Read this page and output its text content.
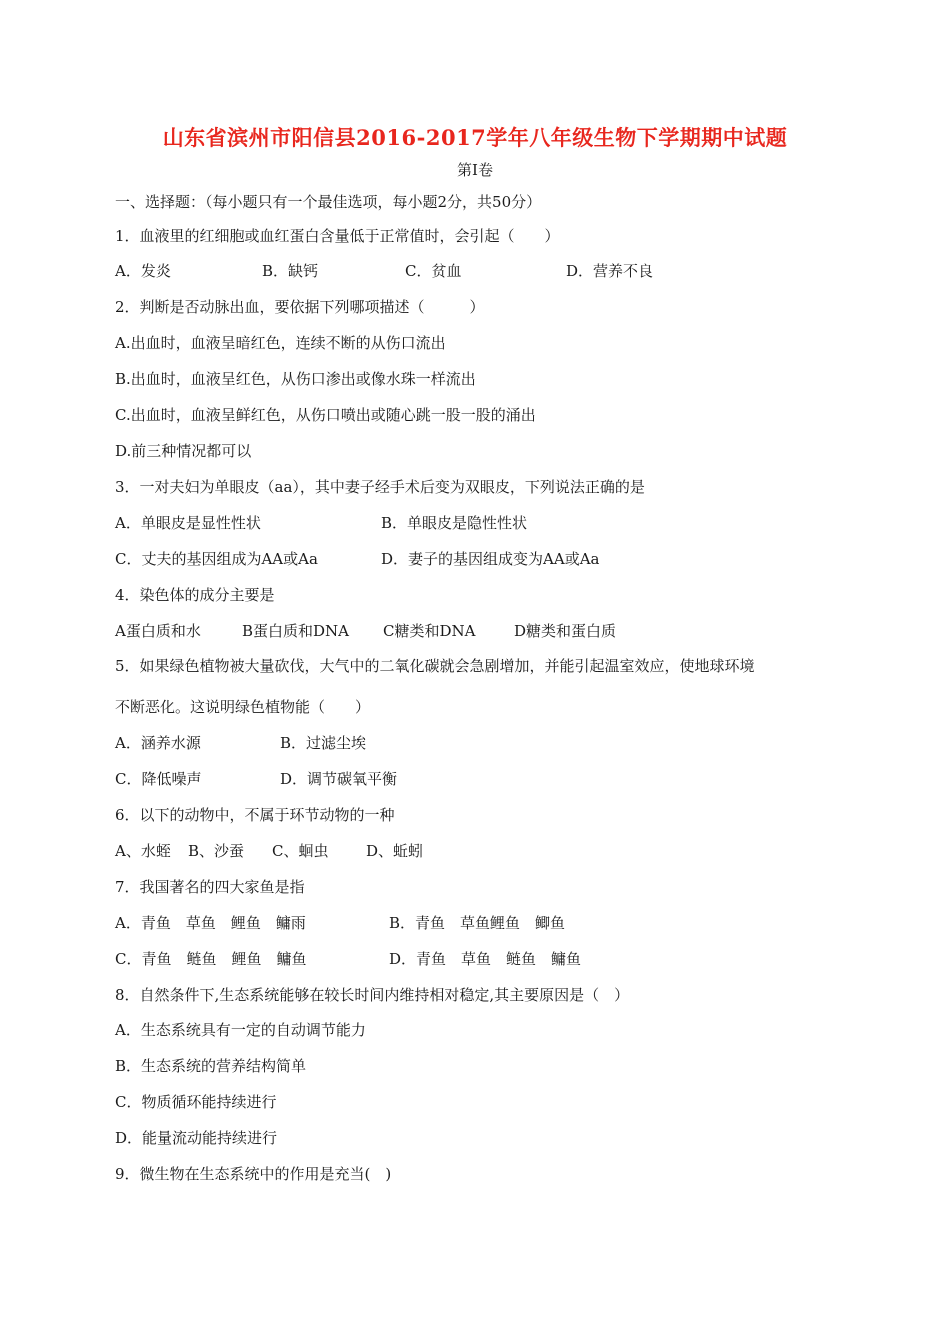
山东省滨州市阳信县2016-2017学年八年级生物下学期期中试题
第Ⅰ卷
一、选择题：（每小题只有一个最佳选项，每小题2分，共50分）
1．血液里的红细胞或血红蛋白含量低于正常值时，会引起（　　）
A．发炎	B．缺钙	C．贫血	D．营养不良
2．判断是否动脉出血，要依据下列哪项描述（　　　）
A.出血时，血液呈暗红色，连续不断的从伤口流出
B.出血时，血液呈红色，从伤口渗出或像水珠一样流出
C.出血时，血液呈鲜红色，从伤口喷出或随心跳一股一股的涌出
D.前三种情况都可以
3．一对夫妇为单眼皮（aa），其中妻子经手术后变为双眼皮，下列说法正确的是
A．单眼皮是显性性状	B．单眼皮是隐性性状
C．丈夫的基因组成为AA或Aa	D．妻子的基因组成变为AA或Aa
4．染色体的成分主要是
A蛋白质和水	B蛋白质和DNA C糖类和DNA	D糖类和蛋白质
5．如果绿色植物被大量砍伐，大气中的二氧化碳就会急剧增加，并能引起温室效应，使地球环境
不断恶化。这说明绿色植物能（　　）
A．涵养水源	B．过滤尘埃
C．降低噪声	D．调节碳氧平衡
6．以下的动物中，不属于环节动物的一种
A、水蛭 B、沙蚕 C、蛔虫	D、蚯蚓
7．我国著名的四大家鱼是指
A．青鱼　草鱼　鲤鱼　鳙雨	B．青鱼　草鱼鲤鱼　鲫鱼
C．青鱼　鲢鱼　鲤鱼　鳙鱼	D．青鱼　草鱼　鲢鱼　鳙鱼
8．自然条件下,生态系统能够在较长时间内维持相对稳定,其主要原因是（　）
A．生态系统具有一定的自动调节能力
B．生态系统的营养结构简单
C．物质循环能持续进行
D．能量流动能持续进行
9．微生物在生态系统中的作用是充当(　)
